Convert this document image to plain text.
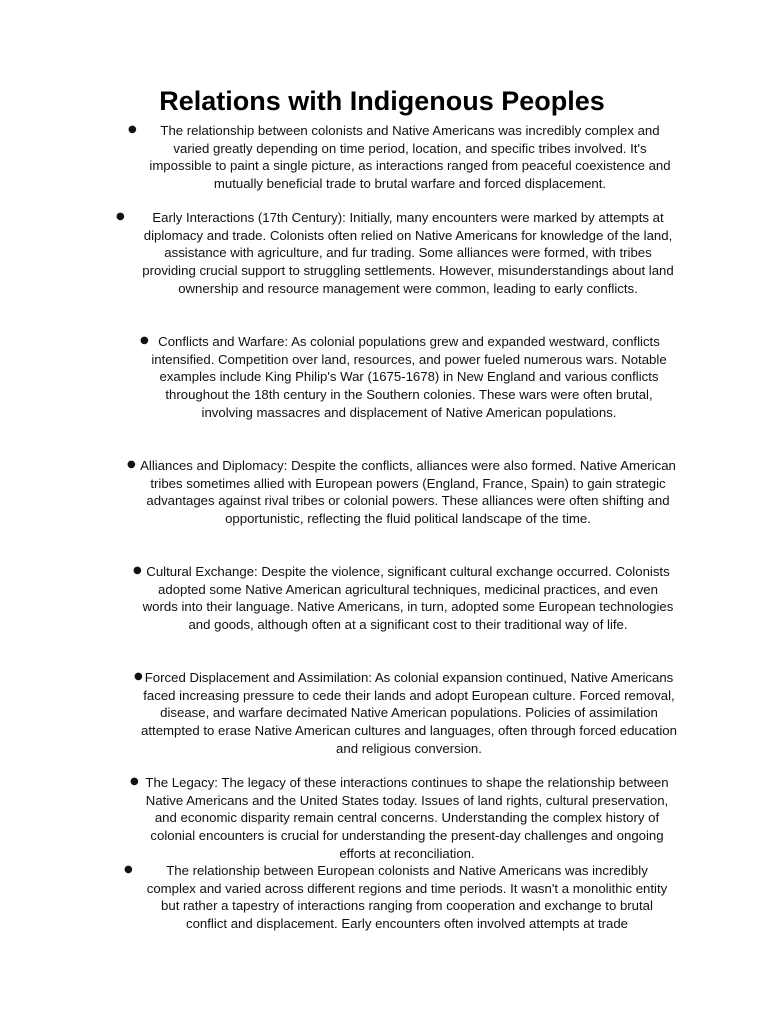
Relations with Indigenous Peoples
●	The relationship between colonists and Native Americans was incredibly complex and varied greatly depending on time period, location, and specific tribes involved. It's impossible to paint a single picture, as interactions ranged from peaceful coexistence and mutually beneficial trade to brutal warfare and forced displacement.
●	Early Interactions (17th Century): Initially, many encounters were marked by attempts at diplomacy and trade. Colonists often relied on Native Americans for knowledge of the land, assistance with agriculture, and fur trading. Some alliances were formed, with tribes providing crucial support to struggling settlements. However, misunderstandings about land ownership and resource management were common, leading to early conflicts.
● Conflicts and Warfare: As colonial populations grew and expanded westward, conflicts intensified. Competition over land, resources, and power fueled numerous wars. Notable examples include King Philip's War (1675-1678) in New England and various conflicts throughout the 18th century in the Southern colonies. These wars were often brutal, involving massacres and displacement of Native American populations.
● Alliances and Diplomacy: Despite the conflicts, alliances were also formed. Native American tribes sometimes allied with European powers (England, France, Spain) to gain strategic advantages against rival tribes or colonial powers. These alliances were often shifting and opportunistic, reflecting the fluid political landscape of the time.
● Cultural Exchange: Despite the violence, significant cultural exchange occurred. Colonists adopted some Native American agricultural techniques, medicinal practices, and even words into their language. Native Americans, in turn, adopted some European technologies and goods, although often at a significant cost to their traditional way of life.
● Forced Displacement and Assimilation: As colonial expansion continued, Native Americans faced increasing pressure to cede their lands and adopt European culture. Forced removal, disease, and warfare decimated Native American populations. Policies of assimilation attempted to erase Native American cultures and languages, often through forced education and religious conversion.
● The Legacy: The legacy of these interactions continues to shape the relationship between Native Americans and the United States today. Issues of land rights, cultural preservation, and economic disparity remain central concerns. Understanding the complex history of colonial encounters is crucial for understanding the present-day challenges and ongoing efforts at reconciliation.
●	The relationship between European colonists and Native Americans was incredibly complex and varied across different regions and time periods. It wasn't a monolithic entity but rather a tapestry of interactions ranging from cooperation and exchange to brutal conflict and displacement. Early encounters often involved attempts at trade
